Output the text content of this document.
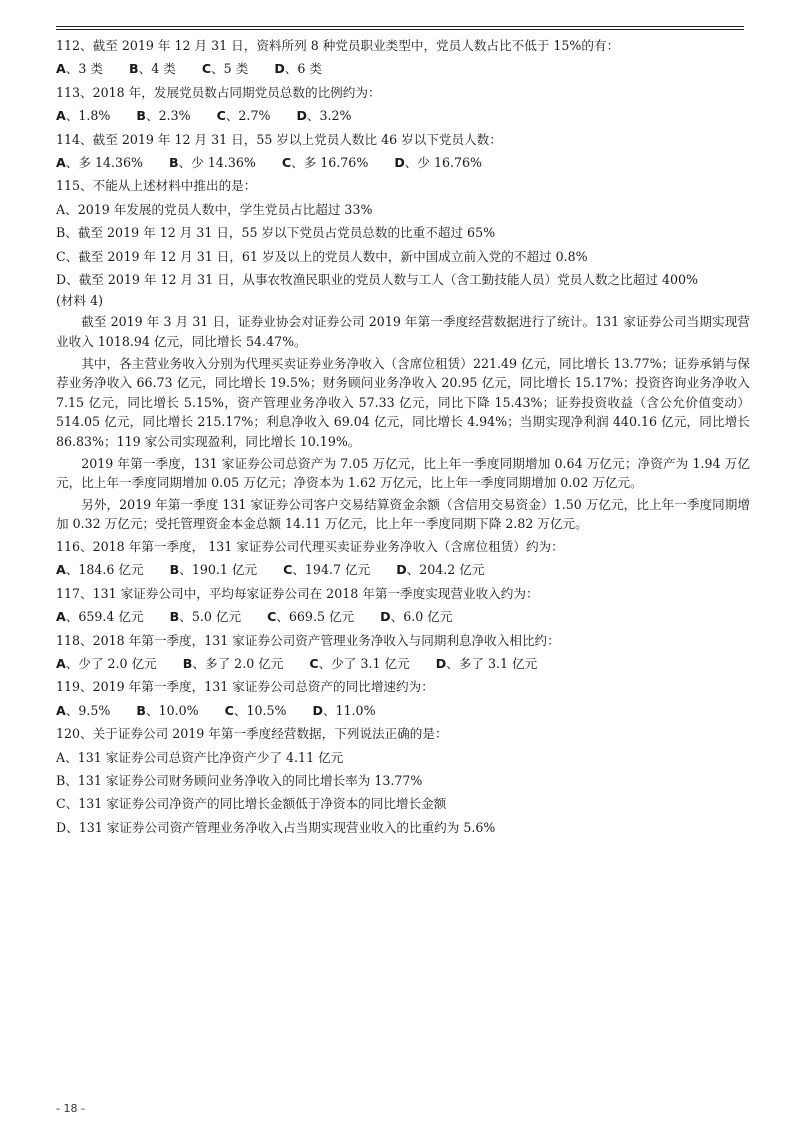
112、截至 2019 年 12 月 31 日，资料所列 8 种党员职业类型中，党员人数占比不低于 15%的有：

A、3 类 B、4 类 C、5 类 D、6 类

113、2018 年，发展党员数占同期党员总数的比例约为：

A、1.8% B、2.3% C、2.7% D、3.2%

114、截至 2019 年 12 月 31 日，55 岁以上党员人数比 46 岁以下党员人数：

A、多 14.36% B、少 14.36% C、多 16.76% D、少 16.76%

115、不能从上述材料中推出的是：

A、2019 年发展的党员人数中，学生党员占比超过 33%

B、截至 2019 年 12 月 31 日，55 岁以下党员占党员总数的比重不超过 65%

C、截至 2019 年 12 月 31 日，61 岁及以上的党员人数中，新中国成立前入党的不超过 0.8%

D、截至 2019 年 12 月 31 日，从事农牧渔民职业的党员人数与工人（含工勤技能人员）党员人数之比超过 400%

(材料 4)

截至 2019 年 3 月 31 日，证券业协会对证券公司 2019 年第一季度经营数据进行了统计。131 家证券公司当期实现营业收入 1018.94 亿元，同比增长 54.47%。

其中，各主营业务收入分别为代理买卖证券业务净收入（含席位租赁）221.49 亿元，同比增长 13.77%；证券承销与保荐业务净收入 66.73 亿元，同比增长 19.5%；财务顾问业务净收入 20.95 亿元，同比增长 15.17%；投资咨询业务净收入 7.15 亿元，同比增长 5.15%，资产管理业务净收入 57.33 亿元，同比下降 15.43%；证券投资收益（含公允价值变动）514.05 亿元，同比增长 215.17%；利息净收入 69.04 亿元，同比增长 4.94%；当期实现净利润 440.16 亿元，同比增长 86.83%；119 家公司实现盈利，同比增长 10.19%。

2019 年第一季度，131 家证券公司总资产为 7.05 万亿元，比上年一季度同期增加 0.64 万亿元；净资产为 1.94 万亿元，比上年一季度同期增加 0.05 万亿元；净资本为 1.62 万亿元，比上年一季度同期增加 0.02 万亿元。

另外，2019 年第一季度 131 家证券公司客户交易结算资金余额（含信用交易资金）1.50 万亿元，比上年一季度同期增加 0.32 万亿元；受托管理资金本金总额 14.11 万亿元，比上年一季度同期下降 2.82 万亿元。

116、2018 年第一季度， 131 家证券公司代理买卖证券业务净收入（含席位租赁）约为：

A、184.6 亿元 B、190.1 亿元 C、194.7 亿元 D、204.2 亿元

117、131 家证券公司中，平均每家证券公司在 2018 年第一季度实现营业收入约为：

A、659.4 亿元 B、5.0 亿元 C、669.5 亿元 D、6.0 亿元

118、2018 年第一季度，131 家证券公司资产管理业务净收入与同期利息净收入相比约：

A、少了 2.0 亿元 B、多了 2.0 亿元 C、少了 3.1 亿元 D、多了 3.1 亿元

119、2019 年第一季度，131 家证券公司总资产的同比增速约为：

A、9.5% B、10.0% C、10.5% D、11.0%

120、关于证券公司 2019 年第一季度经营数据，下列说法正确的是：

A、131 家证券公司总资产比净资产少了 4.11 亿元

B、131 家证券公司财务顾问业务净收入的同比增长率为 13.77%

C、131 家证券公司净资产的同比增长金额低于净资本的同比增长金额

D、131 家证券公司资产管理业务净收入占当期实现营业收入的比重约为 5.6%

- 18 -
